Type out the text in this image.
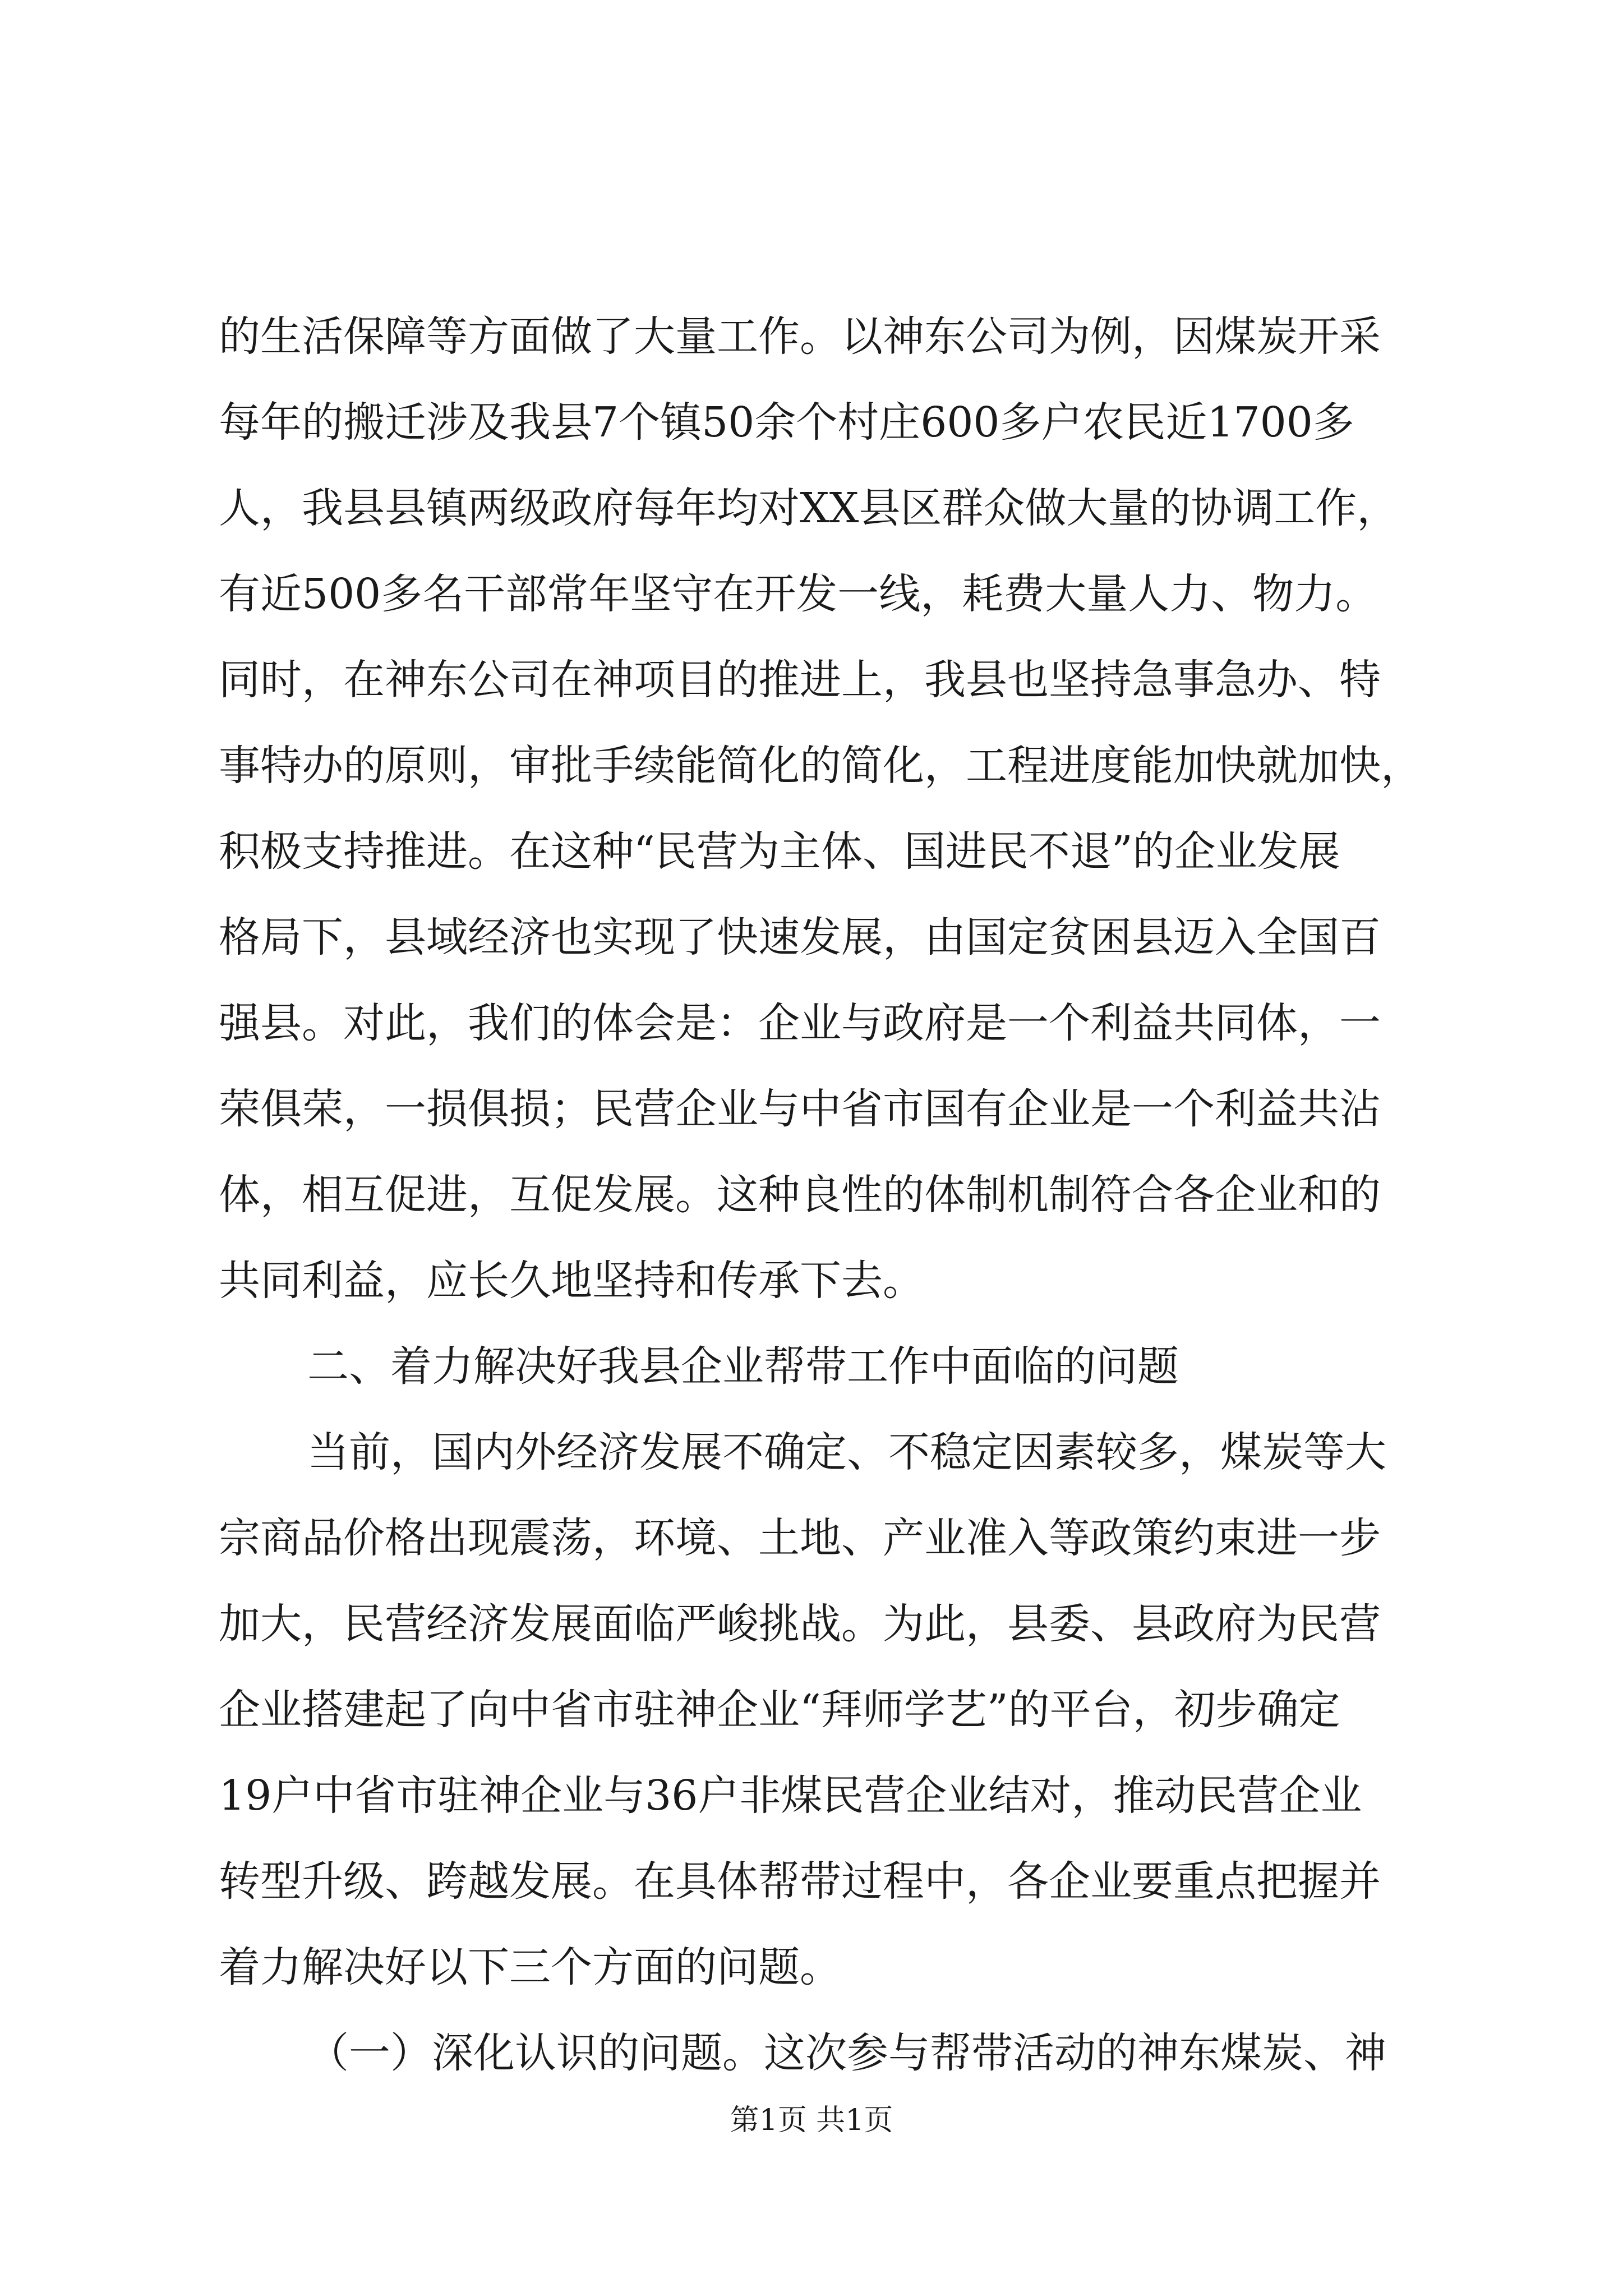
的生活保障等方面做了大量工作。以神东公司为例，因煤炭开采
每年的搬迁涉及我县7个镇50余个村庄600多户农民近1700多
人，我县县镇两级政府每年均对XX县区群众做大量的协调工作，
有近500多名干部常年坚守在开发一线，耗费大量人力、物力。
同时，在神东公司在神项目的推进上，我县也坚持急事急办、特
事特办的原则，审批手续能简化的简化，工程进度能加快就加快，
积极支持推进。在这种“民营为主体、国进民不退”的企业发展
格局下，县域经济也实现了快速发展，由国定贫困县迈入全国百
强县。对此，我们的体会是：企业与政府是一个利益共同体，一
荣俱荣，一损俱损；民营企业与中省市国有企业是一个利益共沾
体，相互促进，互促发展。这种良性的体制机制符合各企业和的
共同利益，应长久地坚持和传承下去。
二、着力解决好我县企业帮带工作中面临的问题
当前，国内外经济发展不确定、不稳定因素较多，煤炭等大
宗商品价格出现震荡，环境、土地、产业准入等政策约束进一步
加大，民营经济发展面临严峻挑战。为此，县委、县政府为民营
企业搭建起了向中省市驻神企业“拜师学艺”的平台，初步确定
19户中省市驻神企业与36户非煤民营企业结对，推动民营企业
转型升级、跨越发展。在具体帮带过程中，各企业要重点把握并
着力解决好以下三个方面的问题。
第1页 共1页
（一）深化认识的问题。这次参与帮带活动的神东煤炭、神
